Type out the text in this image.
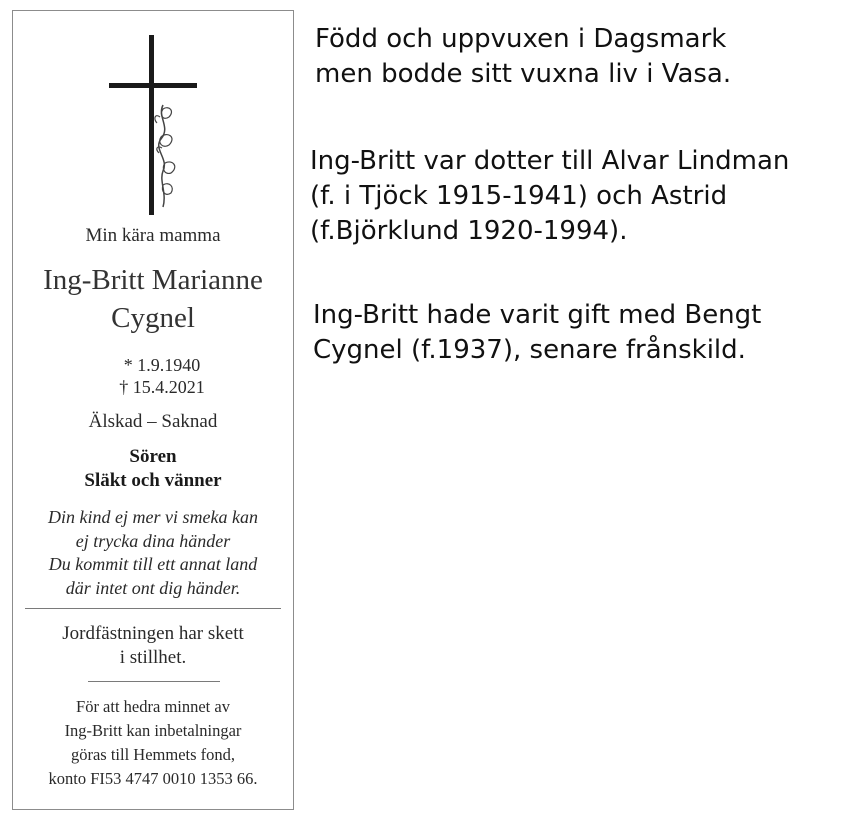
Min kära mamma
Ing-Britt Marianne
Cygnel
* 1.9.1940
† 15.4.2021
Älskad – Saknad
Sören
Släkt och vänner
Din kind ej mer vi smeka kan
ej trycka dina händer
Du kommit till ett annat land
där intet ont dig händer.
Jordfästningen har skett
i stillhet.
För att hedra minnet av
Ing-Britt kan inbetalningar
göras till Hemmets fond,
konto FI53 4747 0010 1353 66.

Född och uppvuxen i Dagsmark
men bodde sitt vuxna liv i Vasa.

Ing-Britt var dotter till Alvar Lindman
(f. i Tjöck 1915-1941) och Astrid
(f.Björklund 1920-1994).

Ing-Britt hade varit gift med Bengt
Cygnel (f.1937), senare frånskild.
